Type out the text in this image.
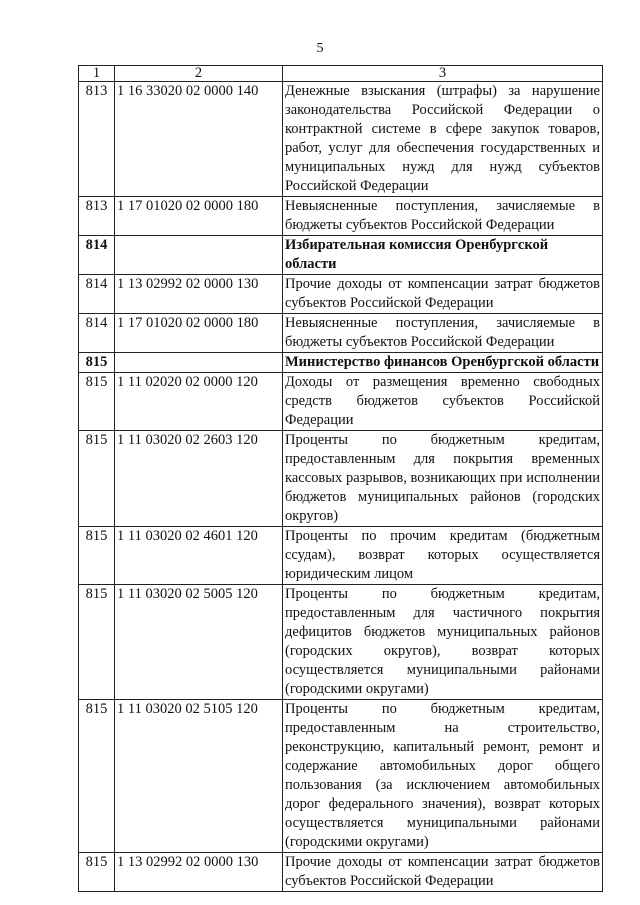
5
1	2	3
813	1 16 33020 02 0000 140	Денежные взыскания (штрафы) за нарушение законодательства Российской Федерации о контрактной системе в сфере закупок товаров, работ, услуг для обеспечения государственных и муниципальных нужд для нужд субъектов Российской Федерации
813	1 17 01020 02 0000 180	Невыясненные поступления, зачисляемые в бюджеты субъектов Российской Федерации
814		Избирательная комиссия Оренбургской области
814	1 13 02992 02 0000 130	Прочие доходы от компенсации затрат бюджетов субъектов Российской Федерации
814	1 17 01020 02 0000 180	Невыясненные поступления, зачисляемые в бюджеты субъектов Российской Федерации
815		Министерство финансов Оренбургской области
815	1 11 02020 02 0000 120	Доходы от размещения временно свободных средств бюджетов субъектов Российской Федерации
815	1 11 03020 02 2603 120	Проценты по бюджетным кредитам, предоставленным для покрытия временных кассовых разрывов, возникающих при исполнении бюджетов муниципальных районов (городских округов)
815	1 11 03020 02 4601 120	Проценты по прочим кредитам (бюджетным ссудам), возврат которых осуществляется юридическим лицом
815	1 11 03020 02 5005 120	Проценты по бюджетным кредитам, предоставленным для частичного покрытия дефицитов бюджетов муниципальных районов (городских округов), возврат которых осуществляется муниципальными районами (городскими округами)
815	1 11 03020 02 5105 120	Проценты по бюджетным кредитам, предоставленным на строительство, реконструкцию, капитальный ремонт, ремонт и содержание автомобильных дорог общего пользования (за исключением автомобильных дорог федерального значения), возврат которых осуществляется муниципальными районами (городскими округами)
815	1 13 02992 02 0000 130	Прочие доходы от компенсации затрат бюджетов субъектов Российской Федерации
